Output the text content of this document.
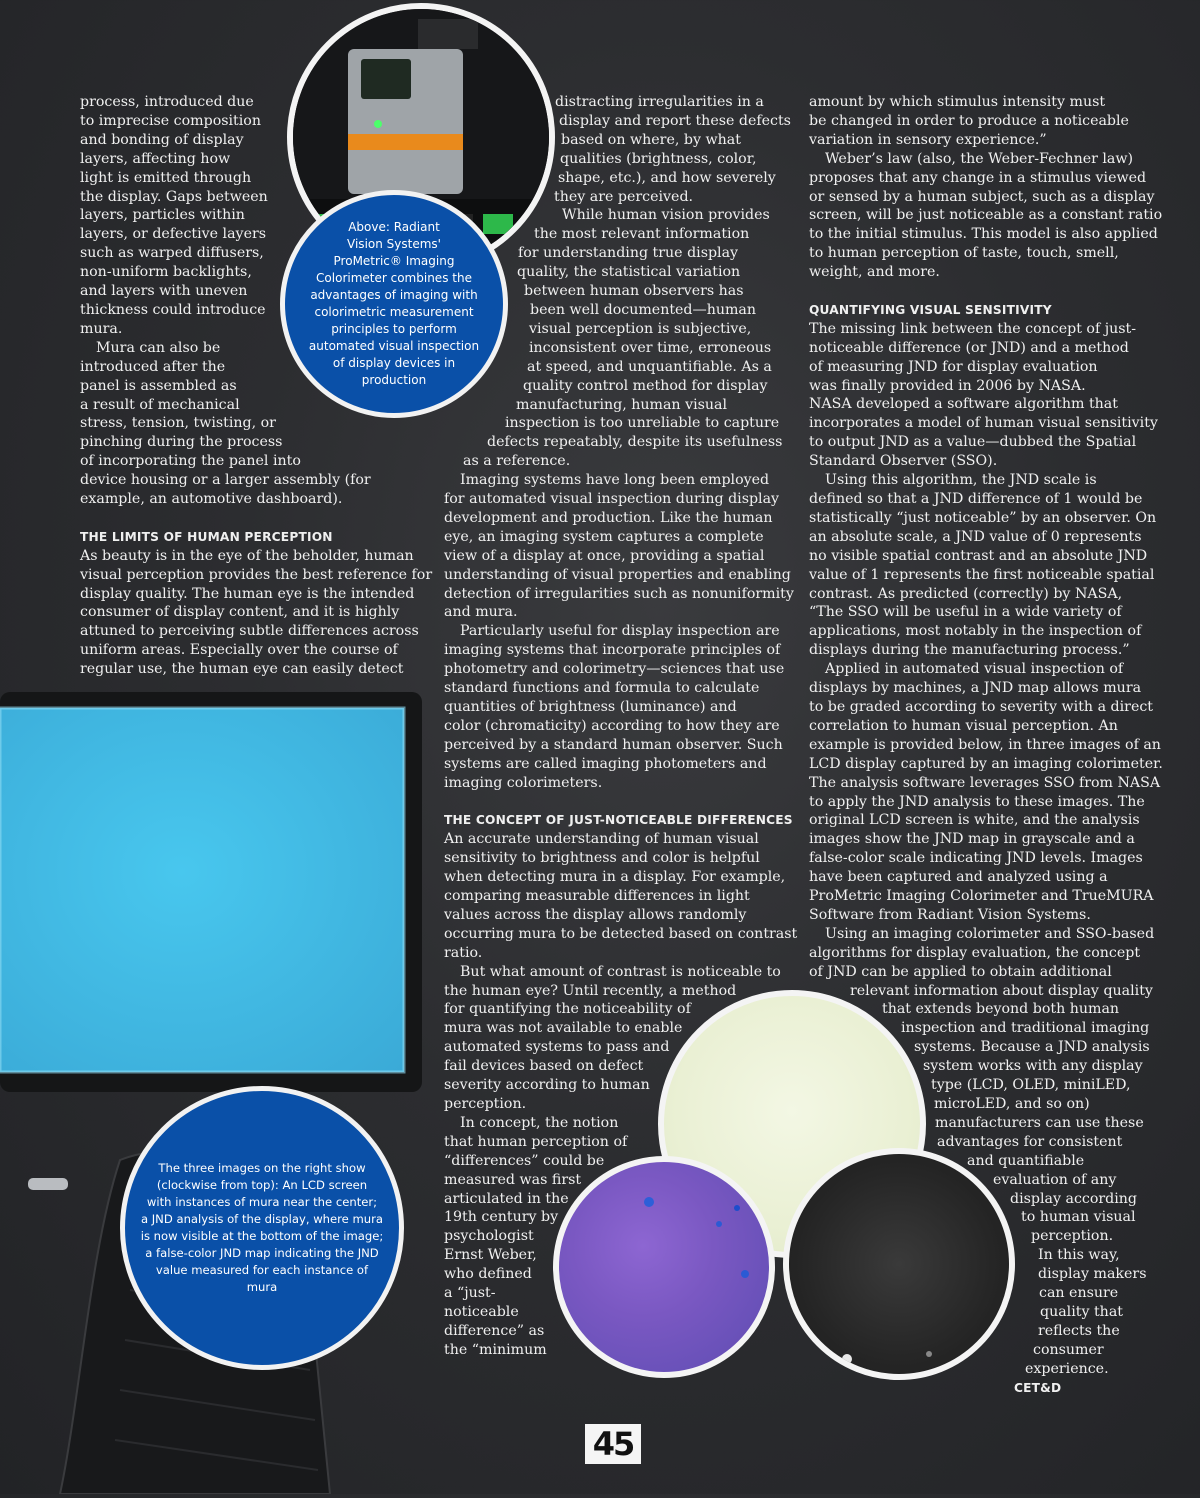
Above: Radiant
Vision Systems'
ProMetric® Imaging
Colorimeter combines the
advantages of imaging with
colorimetric measurement
principles to perform
automated visual inspection
of display devices in
production
The three images on the right show
(clockwise from top): An LCD screen
with instances of mura near the center;
a JND analysis of the display, where mura
is now visible at the bottom of the image;
a false-color JND map indicating the JND
value measured for each instance of
mura

process, introduced due

to imprecise composition

and bonding of display

layers, affecting how

light is emitted through

the display. Gaps between

layers, particles within

layers, or defective layers

such as warped diffusers,

non-uniform backlights,

and layers with uneven

thickness could introduce

mura.

Mura can also be

introduced after the

panel is assembled as

a result of mechanical

stress, tension, twisting, or

pinching during the process

of incorporating the panel into

device housing or a larger assembly (for

example, an automotive dashboard).

THE LIMITS OF HUMAN PERCEPTION

As beauty is in the eye of the beholder, human

visual perception provides the best reference for

display quality. The human eye is the intended

consumer of display content, and it is highly

attuned to perceiving subtle differences across

uniform areas. Especially over the course of

regular use, the human eye can easily detect

distracting irregularities in a

display and report these defects

based on where, by what

qualities (brightness, color,

shape, etc.), and how severely

they are perceived.

While human vision provides

the most relevant information

for understanding true display

quality, the statistical variation

between human observers has

been well documented—human

visual perception is subjective,

inconsistent over time, erroneous

at speed, and unquantifiable. As a

quality control method for display

manufacturing, human visual

inspection is too unreliable to capture

defects repeatably, despite its usefulness

as a reference.

Imaging systems have long been employed

for automated visual inspection during display

development and production. Like the human

eye, an imaging system captures a complete

view of a display at once, providing a spatial

understanding of visual properties and enabling

detection of irregularities such as nonuniformity

and mura.

Particularly useful for display inspection are

imaging systems that incorporate principles of

photometry and colorimetry—sciences that use

standard functions and formula to calculate

quantities of brightness (luminance) and

color (chromaticity) according to how they are

perceived by a standard human observer. Such

systems are called imaging photometers and

imaging colorimeters.

THE CONCEPT OF JUST-NOTICEABLE DIFFERENCES

An accurate understanding of human visual

sensitivity to brightness and color is helpful

when detecting mura in a display. For example,

comparing measurable differences in light

values across the display allows randomly

occurring mura to be detected based on contrast

ratio.

But what amount of contrast is noticeable to

the human eye? Until recently, a method

for quantifying the noticeability of

mura was not available to enable

automated systems to pass and

fail devices based on defect

severity according to human

perception.

In concept, the notion

that human perception of

“differences” could be

measured was first

articulated in the

19th century by

psychologist

Ernst Weber,

who defined

a “just-

noticeable

difference” as

the “minimum

amount by which stimulus intensity must

be changed in order to produce a noticeable

variation in sensory experience.”

Weber’s law (also, the Weber-Fechner law)

proposes that any change in a stimulus viewed

or sensed by a human subject, such as a display

screen, will be just noticeable as a constant ratio

to the initial stimulus. This model is also applied

to human perception of taste, touch, smell,

weight, and more.

QUANTIFYING VISUAL SENSITIVITY

The missing link between the concept of just-

noticeable difference (or JND) and a method

of measuring JND for display evaluation

was finally provided in 2006 by NASA.

NASA developed a software algorithm that

incorporates a model of human visual sensitivity

to output JND as a value—dubbed the Spatial

Standard Observer (SSO).

Using this algorithm, the JND scale is

defined so that a JND difference of 1 would be

statistically “just noticeable” by an observer. On

an absolute scale, a JND value of 0 represents

no visible spatial contrast and an absolute JND

value of 1 represents the first noticeable spatial

contrast. As predicted (correctly) by NASA,

“The SSO will be useful in a wide variety of

applications, most notably in the inspection of

displays during the manufacturing process.”

Applied in automated visual inspection of

displays by machines, a JND map allows mura

to be graded according to severity with a direct

correlation to human visual perception. An

example is provided below, in three images of an

LCD display captured by an imaging colorimeter.

The analysis software leverages SSO from NASA

to apply the JND analysis to these images. The

original LCD screen is white, and the analysis

images show the JND map in grayscale and a

false-color scale indicating JND levels. Images

have been captured and analyzed using a

ProMetric Imaging Colorimeter and TrueMURA

Software from Radiant Vision Systems.

Using an imaging colorimeter and SSO-based

algorithms for display evaluation, the concept

of JND can be applied to obtain additional

relevant information about display quality

that extends beyond both human

inspection and traditional imaging

systems. Because a JND analysis

system works with any display

type (LCD, OLED, miniLED,

microLED, and so on)

manufacturers can use these

advantages for consistent

and quantifiable

evaluation of any

display according

to human visual

perception.

In this way,

display makers

can ensure

quality that

reflects the

consumer

experience.

CET&D
45
